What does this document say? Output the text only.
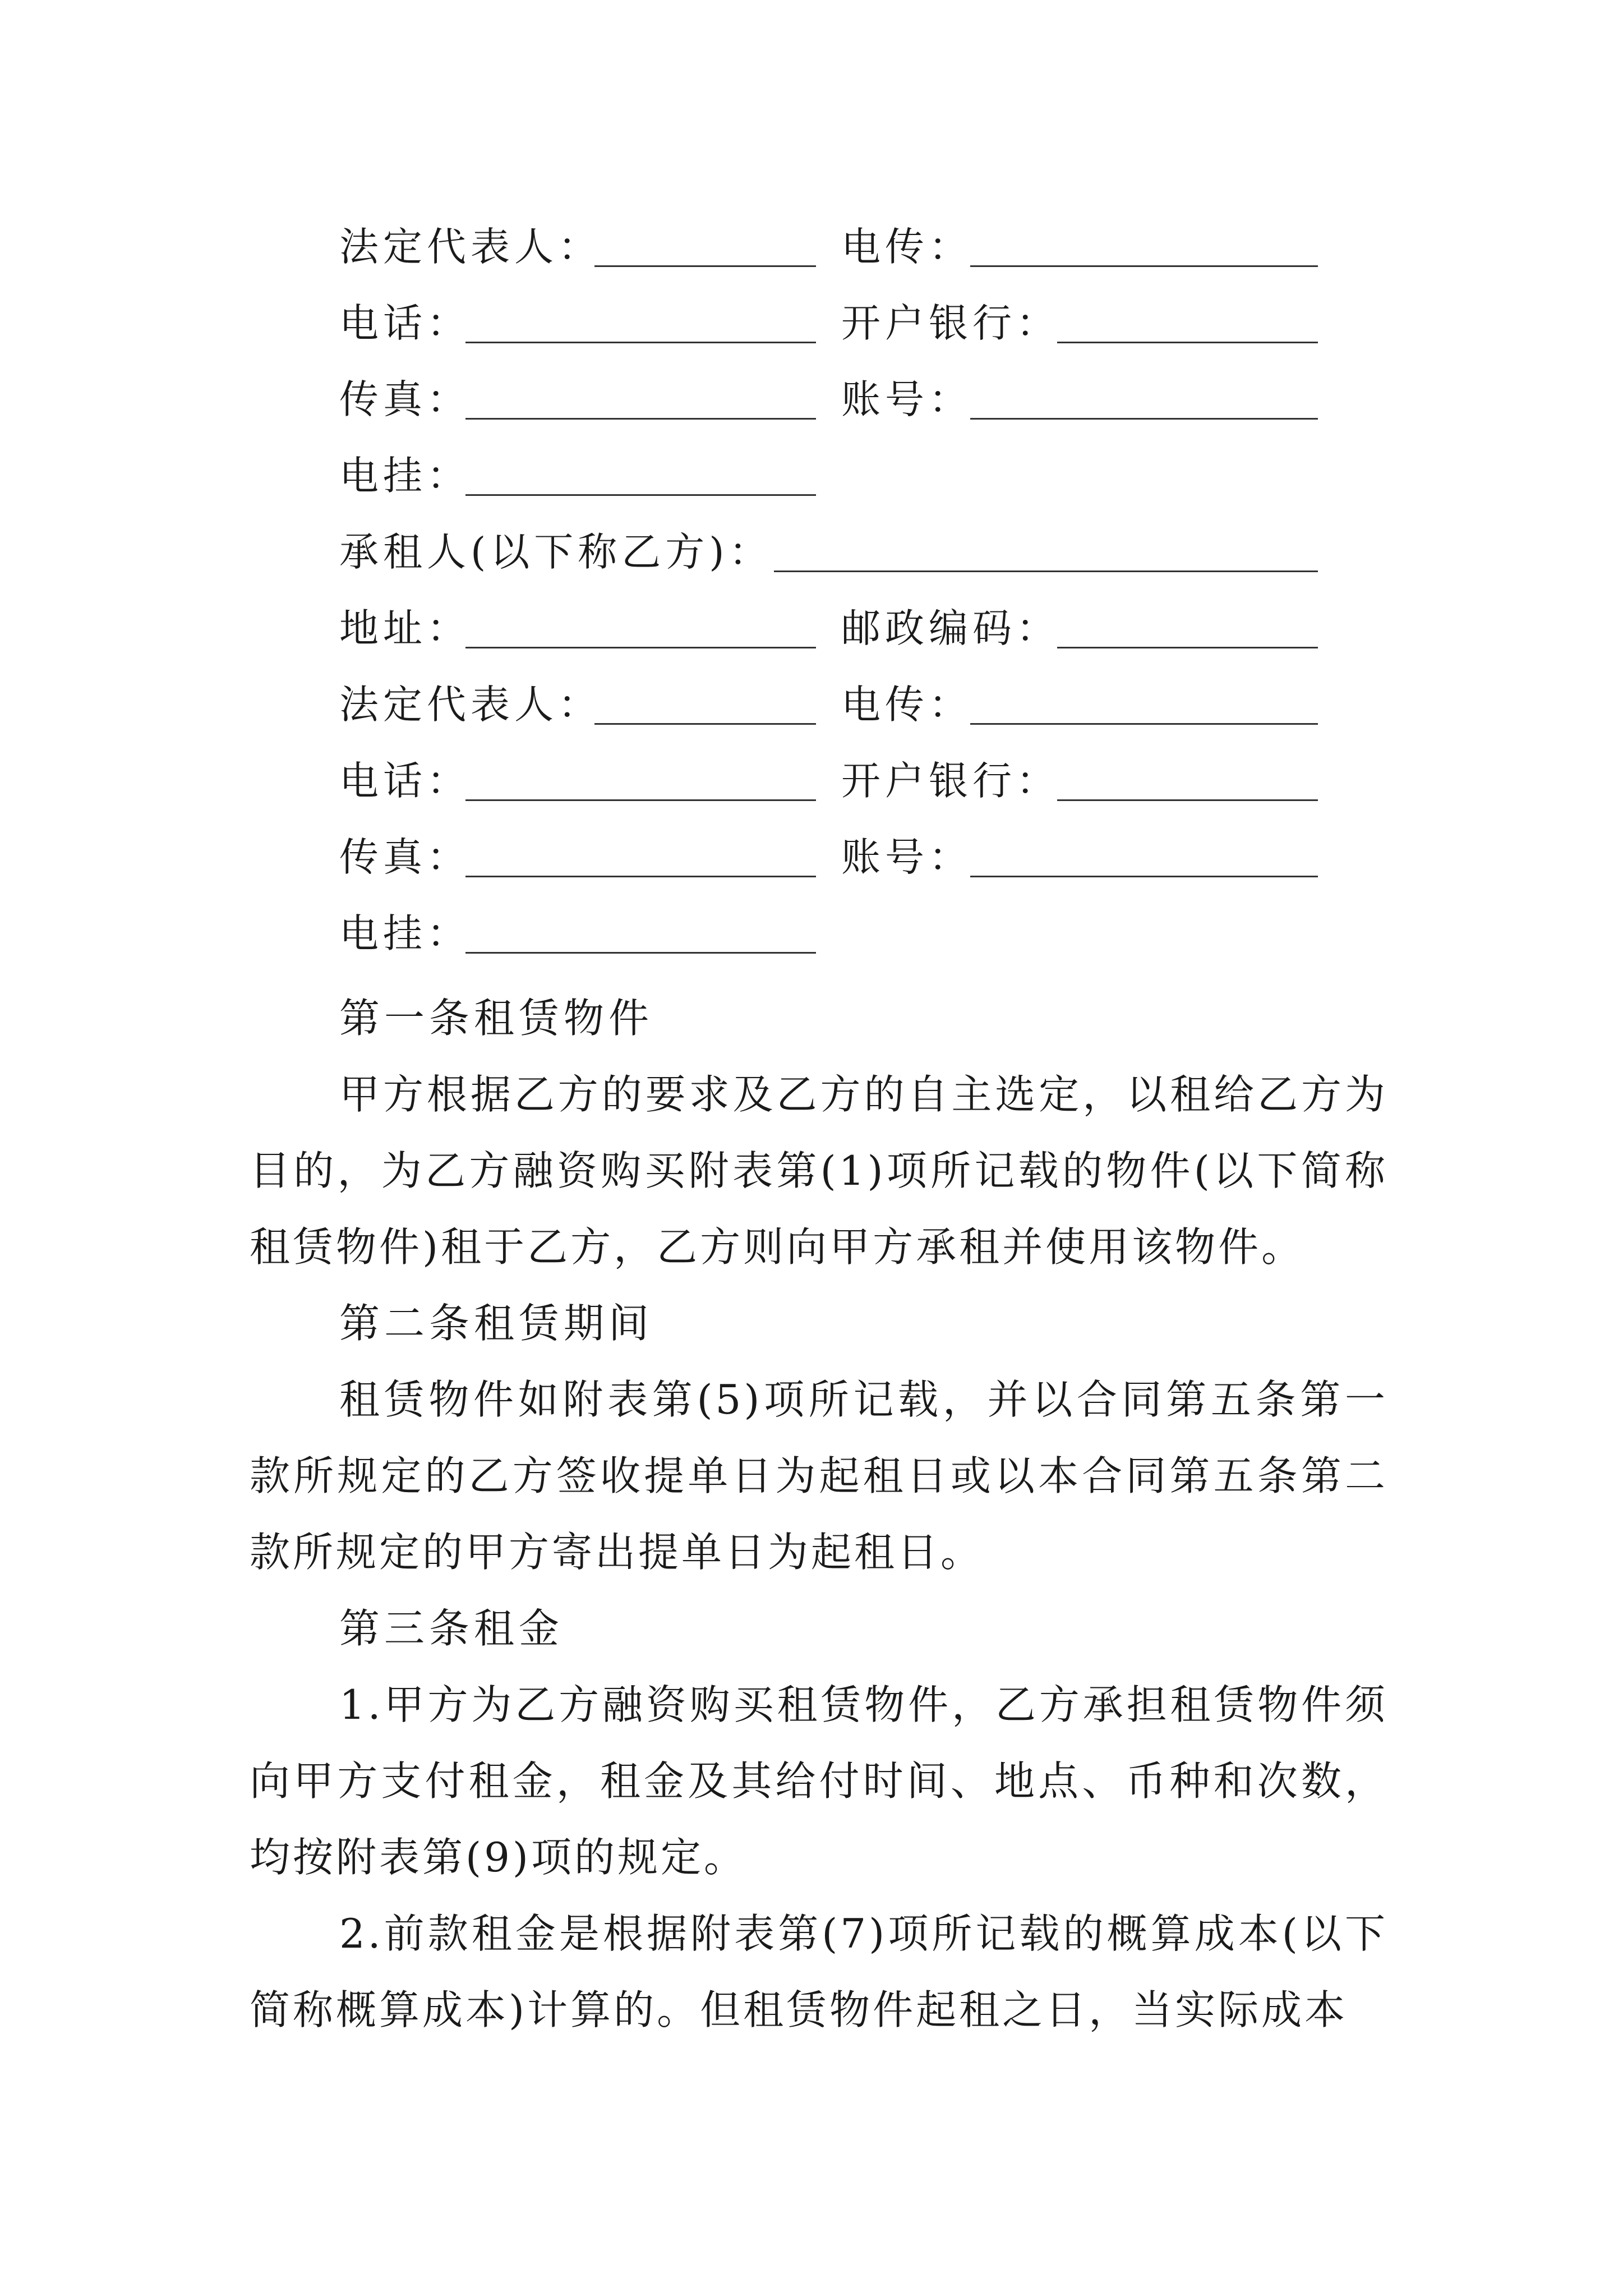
法定代表人：	电传：
电话：	开户银行：
传真：	账号：
电挂：
承租人(以下称乙方)：
地址：	邮政编码：
法定代表人：	电传：
电话：	开户银行：
传真：	账号：
电挂：

第一条租赁物件

甲方根据乙方的要求及乙方的自主选定，以租给乙方为目的，为乙方融资购买附表第(1)项所记载的物件(以下简称租赁物件)租于乙方，乙方则向甲方承租并使用该物件。

第二条租赁期间

租赁物件如附表第(5)项所记载，并以合同第五条第一款所规定的乙方签收提单日为起租日或以本合同第五条第二款所规定的甲方寄出提单日为起租日。

第三条租金

1.甲方为乙方融资购买租赁物件，乙方承担租赁物件须向甲方支付租金，租金及其给付时间、地点、币种和次数，均按附表第(9)项的规定。

2.前款租金是根据附表第(7)项所记载的概算成本(以下简称概算成本)计算的。但租赁物件起租之日，当实际成本
